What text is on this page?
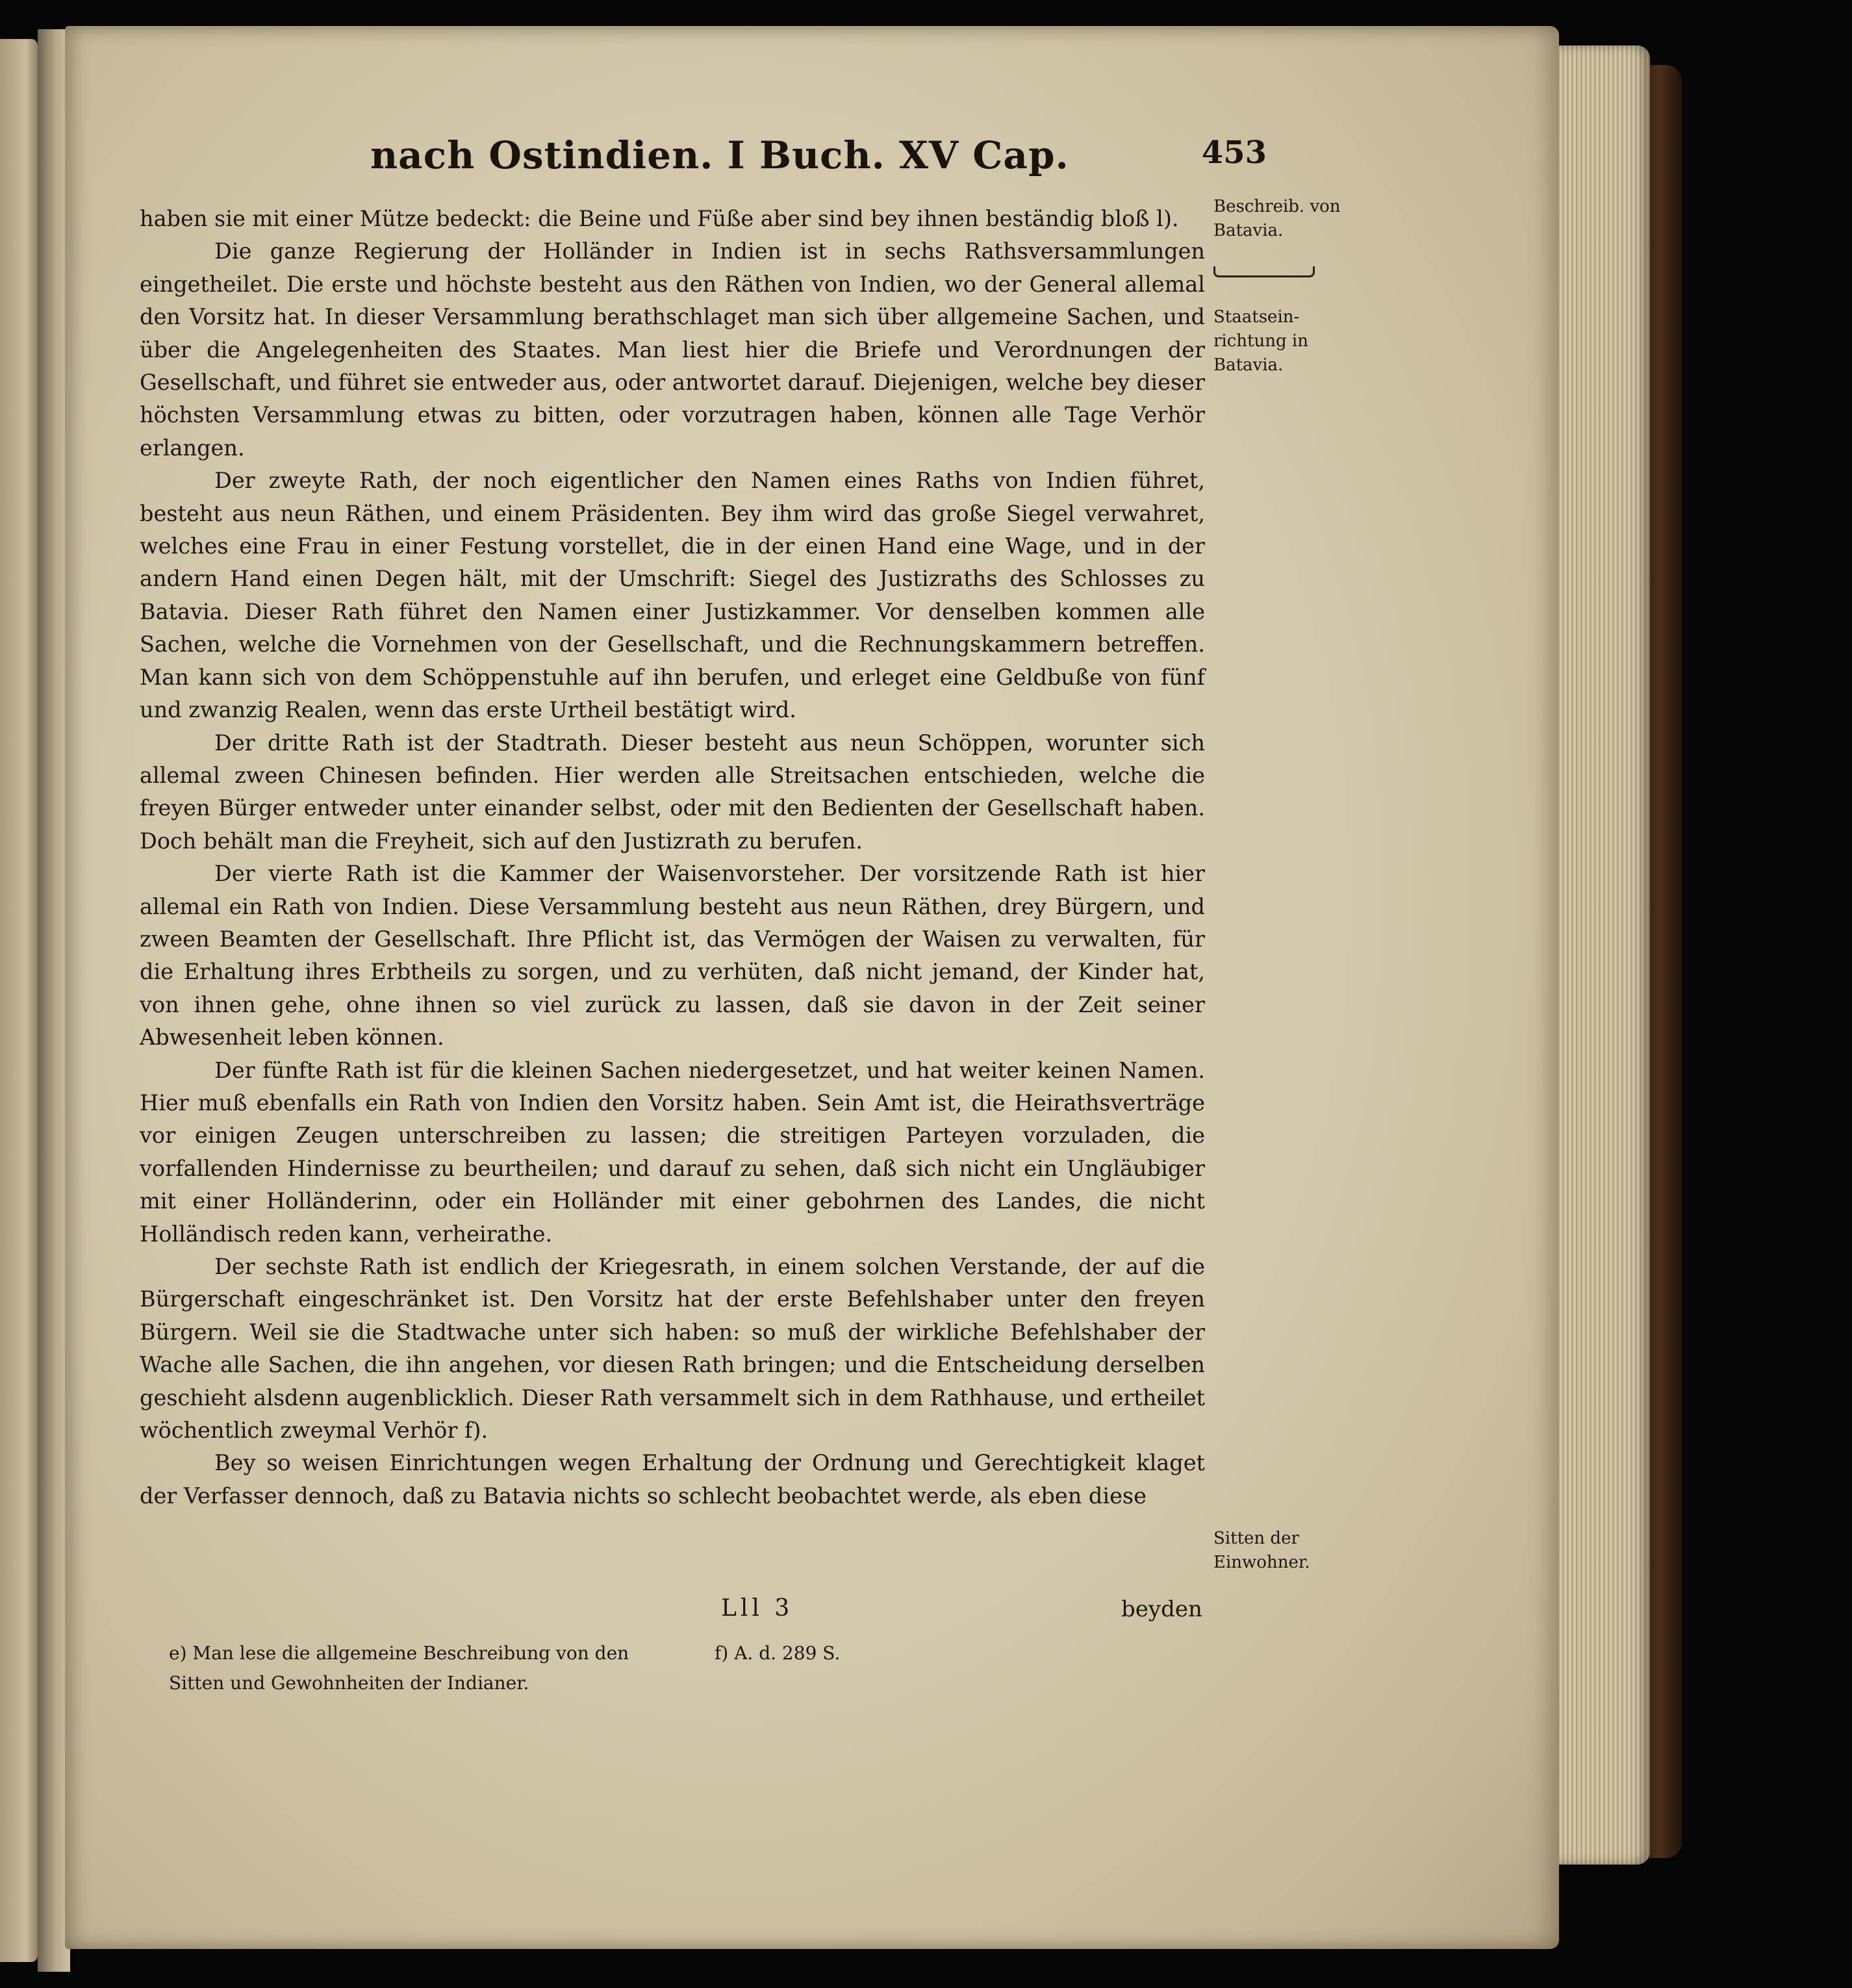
nach Ostindien. I Buch. XV Cap.	453
Beschreib. von Batavia.
Staatsein- richtung in Batavia.
Sitten der Einwohner.

haben sie mit einer Mütze bedeckt: die Beine und Füße aber sind bey ihnen beständig bloß l).

Die ganze Regierung der Holländer in Indien ist in sechs Rathsversammlungen eingetheilet. Die erste und höchste besteht aus den Räthen von Indien, wo der General allemal den Vorsitz hat. In dieser Versammlung berathschlaget man sich über allgemeine Sachen, und über die Angelegenheiten des Staates. Man liest hier die Briefe und Verordnungen der Gesellschaft, und führet sie entweder aus, oder antwortet darauf. Diejenigen, welche bey dieser höchsten Versammlung etwas zu bitten, oder vorzutragen haben, können alle Tage Verhör erlangen.

Der zweyte Rath, der noch eigentlicher den Namen eines Raths von Indien führet, besteht aus neun Räthen, und einem Präsidenten. Bey ihm wird das große Siegel verwahret, welches eine Frau in einer Festung vorstellet, die in der einen Hand eine Wage, und in der andern Hand einen Degen hält, mit der Umschrift: Siegel des Justizraths des Schlosses zu Batavia. Dieser Rath führet den Namen einer Justizkammer. Vor denselben kommen alle Sachen, welche die Vornehmen von der Gesellschaft, und die Rechnungskammern betreffen. Man kann sich von dem Schöppenstuhle auf ihn berufen, und erleget eine Geldbuße von fünf und zwanzig Realen, wenn das erste Urtheil bestätigt wird.

Der dritte Rath ist der Stadtrath. Dieser besteht aus neun Schöppen, worunter sich allemal zween Chinesen befinden. Hier werden alle Streitsachen entschieden, welche die freyen Bürger entweder unter einander selbst, oder mit den Bedienten der Gesellschaft haben. Doch behält man die Freyheit, sich auf den Justizrath zu berufen.

Der vierte Rath ist die Kammer der Waisenvorsteher. Der vorsitzende Rath ist hier allemal ein Rath von Indien. Diese Versammlung besteht aus neun Räthen, drey Bürgern, und zween Beamten der Gesellschaft. Ihre Pflicht ist, das Vermögen der Waisen zu verwalten, für die Erhaltung ihres Erbtheils zu sorgen, und zu verhüten, daß nicht jemand, der Kinder hat, von ihnen gehe, ohne ihnen so viel zurück zu lassen, daß sie davon in der Zeit seiner Abwesenheit leben können.

Der fünfte Rath ist für die kleinen Sachen niedergesetzet, und hat weiter keinen Namen. Hier muß ebenfalls ein Rath von Indien den Vorsitz haben. Sein Amt ist, die Heirathsverträge vor einigen Zeugen unterschreiben zu lassen; die streitigen Parteyen vorzuladen, die vorfallenden Hindernisse zu beurtheilen; und darauf zu sehen, daß sich nicht ein Ungläubiger mit einer Holländerinn, oder ein Holländer mit einer gebohrnen des Landes, die nicht Holländisch reden kann, verheirathe.

Der sechste Rath ist endlich der Kriegesrath, in einem solchen Verstande, der auf die Bürgerschaft eingeschränket ist. Den Vorsitz hat der erste Befehlshaber unter den freyen Bürgern. Weil sie die Stadtwache unter sich haben: so muß der wirkliche Befehlshaber der Wache alle Sachen, die ihn angehen, vor diesen Rath bringen; und die Entscheidung derselben geschieht alsdenn augenblicklich. Dieser Rath versammelt sich in dem Rathhause, und ertheilet wöchentlich zweymal Verhör f).

Bey so weisen Einrichtungen wegen Erhaltung der Ordnung und Gerechtigkeit klaget der Verfasser dennoch, daß zu Batavia nichts so schlecht beobachtet werde, als eben diese

Lll 3	beyden
e) Man lese die allgemeine Beschreibung von den Sitten und Gewohnheiten der Indianer.
f) A. d. 289 S.
